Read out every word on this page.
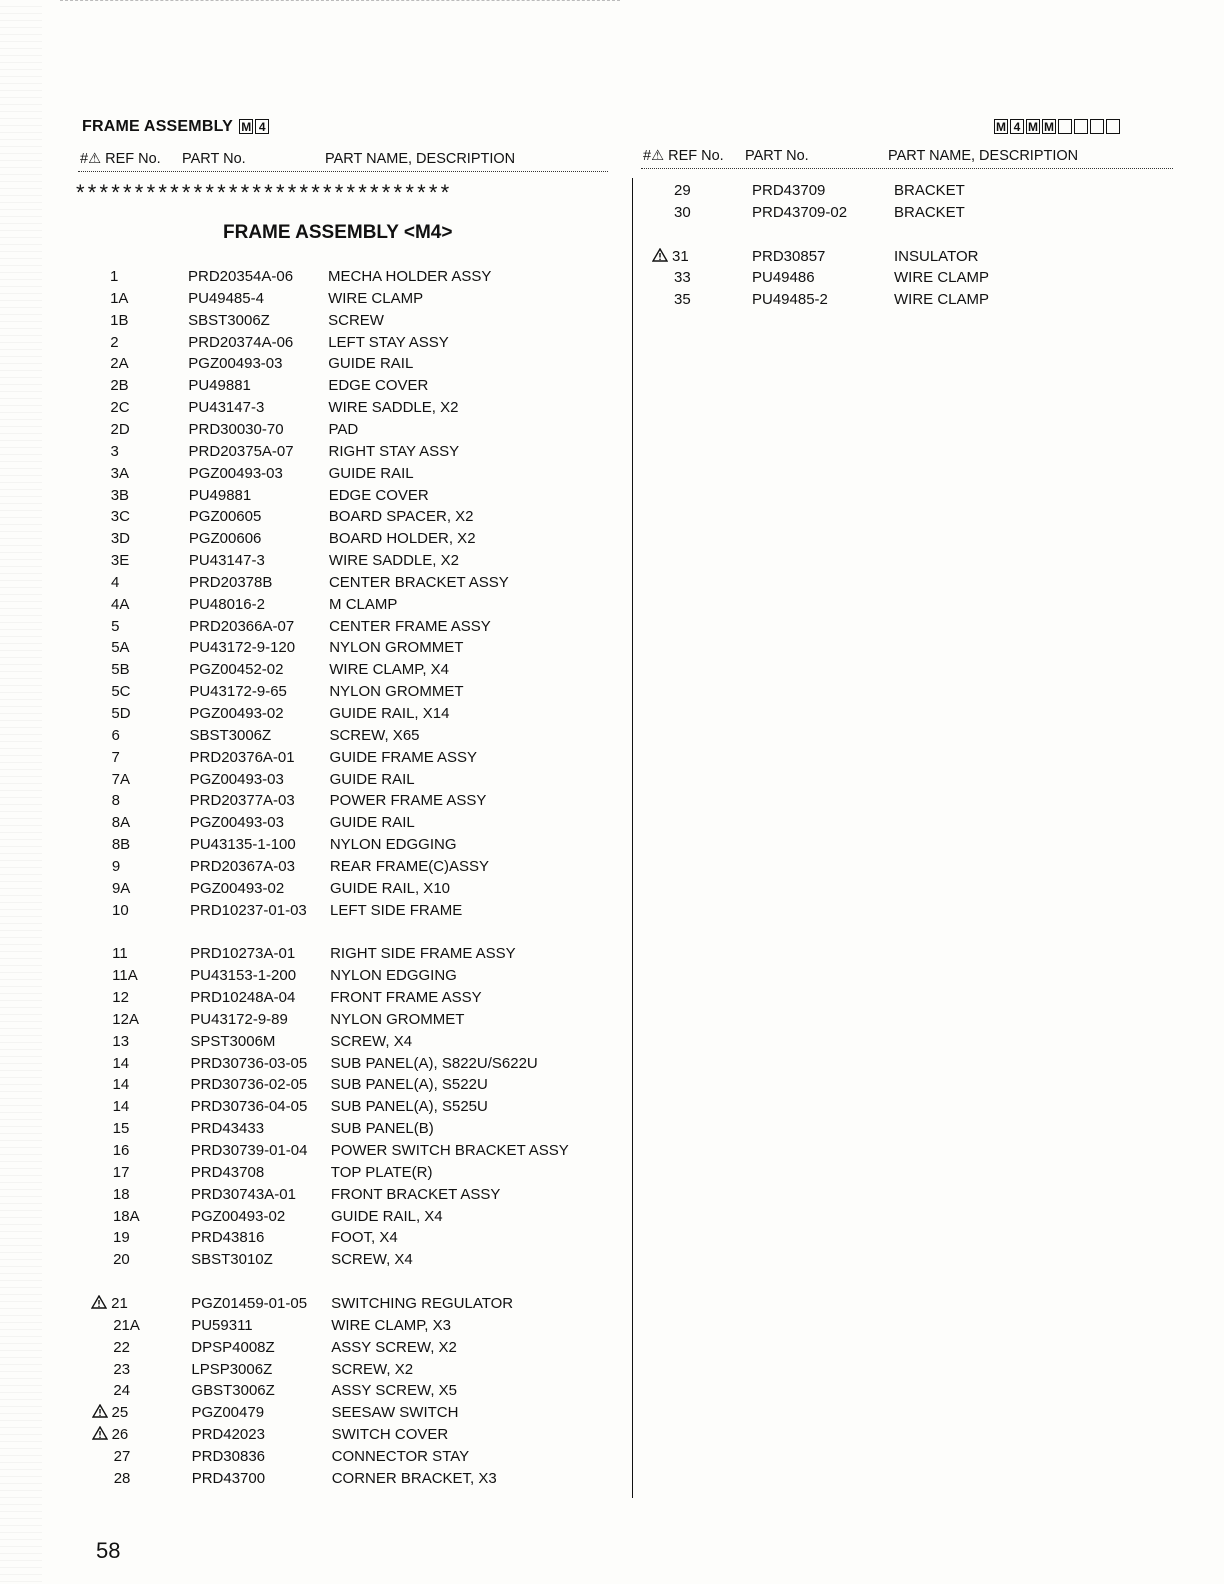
FRAME ASSEMBLY M 4
#⚠ REF No. PART No.	PART NAME, DESCRIPTION
********************************
FRAME ASSEMBLY <M4>
1	PRD20354A-06 MECHA HOLDER ASSY
1A	PU49485-4	WIRE CLAMP
1B	SBST3006Z	SCREW
2	PRD20374A-06 LEFT STAY ASSY
2A	PGZ00493-03	GUIDE RAIL
2B	PU49881	EDGE COVER
2C	PU43147-3	WIRE SADDLE, X2
2D	PRD30030-70	PAD
3	PRD20375A-07 RIGHT STAY ASSY
3A	PGZ00493-03	GUIDE RAIL
3B	PU49881	EDGE COVER
3C	PGZ00605	BOARD SPACER, X2
3D	PGZ00606	BOARD HOLDER, X2
3E	PU43147-3	WIRE SADDLE, X2
4	PRD20378B	CENTER BRACKET ASSY
4A	PU48016-2	M CLAMP
5	PRD20366A-07 CENTER FRAME ASSY
5A	PU43172-9-120 NYLON GROMMET
5B	PGZ00452-02	WIRE CLAMP, X4
5C	PU43172-9-65	NYLON GROMMET
5D	PGZ00493-02	GUIDE RAIL, X14
6	SBST3006Z	SCREW, X65
7	PRD20376A-01 GUIDE FRAME ASSY
7A	PGZ00493-03	GUIDE RAIL
8	PRD20377A-03 POWER FRAME ASSY
8A	PGZ00493-03	GUIDE RAIL
8B	PU43135-1-100 NYLON EDGGING
9	PRD20367A-03 REAR FRAME(C)ASSY
9A	PGZ00493-02	GUIDE RAIL, X10
10	PRD10237-01-03 LEFT SIDE FRAME
11	PRD10273A-01 RIGHT SIDE FRAME ASSY
11A	PU43153-1-200 NYLON EDGGING
12	PRD10248A-04 FRONT FRAME ASSY
12A	PU43172-9-89	NYLON GROMMET
13	SPST3006M	SCREW, X4
14	PRD30736-03-05 SUB PANEL(A), S822U/S622U
14	PRD30736-02-05 SUB PANEL(A), S522U
14	PRD30736-04-05 SUB PANEL(A), S525U
15	PRD43433	SUB PANEL(B)
16	PRD30739-01-04 POWER SWITCH BRACKET ASSY
17	PRD43708	TOP PLATE(R)
18	PRD30743A-01 FRONT BRACKET ASSY
18A	PGZ00493-02	GUIDE RAIL, X4
19	PRD43816	FOOT, X4
20	SBST3010Z	SCREW, X4
21	PGZ01459-01-05 SWITCHING REGULATOR
21A	PU59311	WIRE CLAMP, X3
22	DPSP4008Z	ASSY SCREW, X2
23	LPSP3006Z	SCREW, X2
24	GBST3006Z	ASSY SCREW, X5
25	PGZ00479	SEESAW SWITCH
26	PRD42023	SWITCH COVER
27	PRD30836	CONNECTOR STAY
28	PRD43700	CORNER BRACKET, X3
M 4 M M
#⚠ REF No. PART No.	PART NAME, DESCRIPTION
29	PRD43709	BRACKET
30	PRD43709-02	BRACKET
31	PRD30857	INSULATOR
33	PU49486	WIRE CLAMP
35	PU49485-2	WIRE CLAMP
58
